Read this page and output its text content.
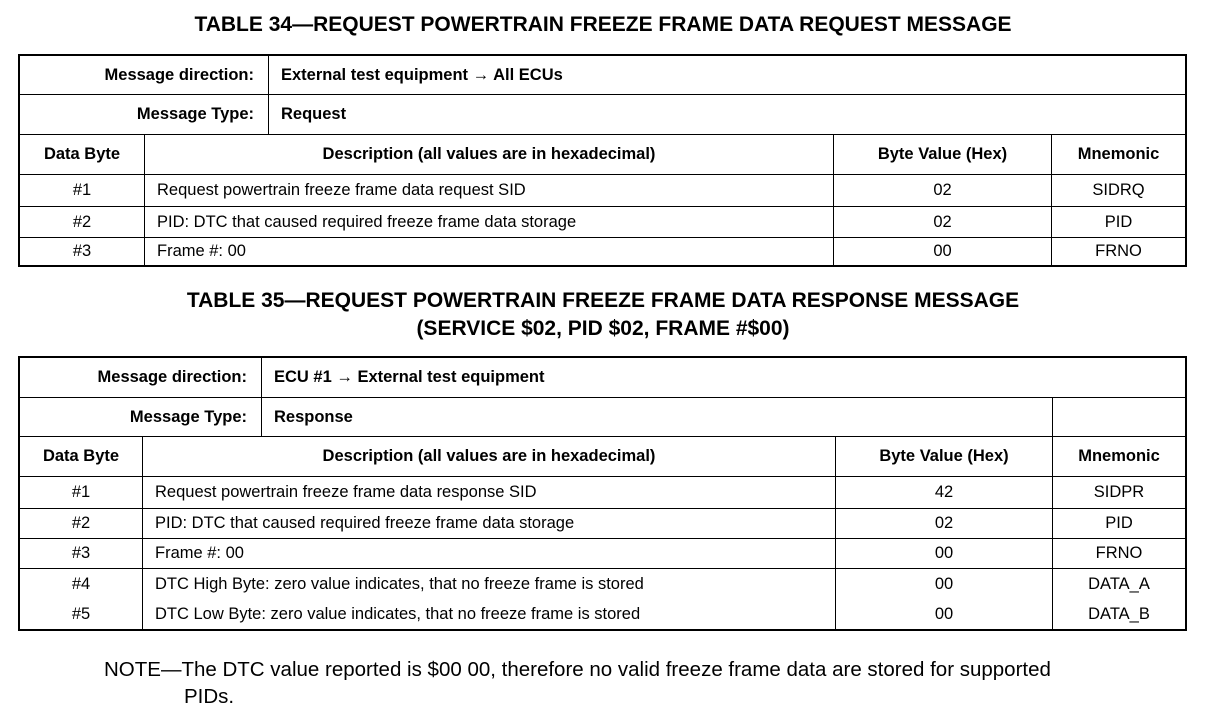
TABLE 34—REQUEST POWERTRAIN FREEZE FRAME DATA REQUEST MESSAGE
Message direction:	External test equipment → All ECUs
Message Type:	Request
Data Byte	Description (all values are in hexadecimal)	Byte Value (Hex)	Mnemonic
#1	Request powertrain freeze frame data request SID	02	SIDRQ
#2	PID: DTC that caused required freeze frame data storage	02	PID
#3	Frame #: 00	00	FRNO
TABLE 35—REQUEST POWERTRAIN FREEZE FRAME DATA RESPONSE MESSAGE
(SERVICE $02, PID $02, FRAME #$00)
Message direction:	ECU #1 → External test equipment
Message Type:	Response
Data Byte	Description (all values are in hexadecimal)	Byte Value (Hex)	Mnemonic
#1	Request powertrain freeze frame data response SID	42	SIDPR
#2	PID: DTC that caused required freeze frame data storage	02	PID
#3	Frame #: 00	00	FRNO
#4	DTC High Byte: zero value indicates, that no freeze frame is stored	00	DATA_A
#5	DTC Low Byte: zero value indicates, that no freeze frame is stored	00	DATA_B
NOTE—The DTC value reported is $00 00, therefore no valid freeze frame data are stored for supported
PIDs.
